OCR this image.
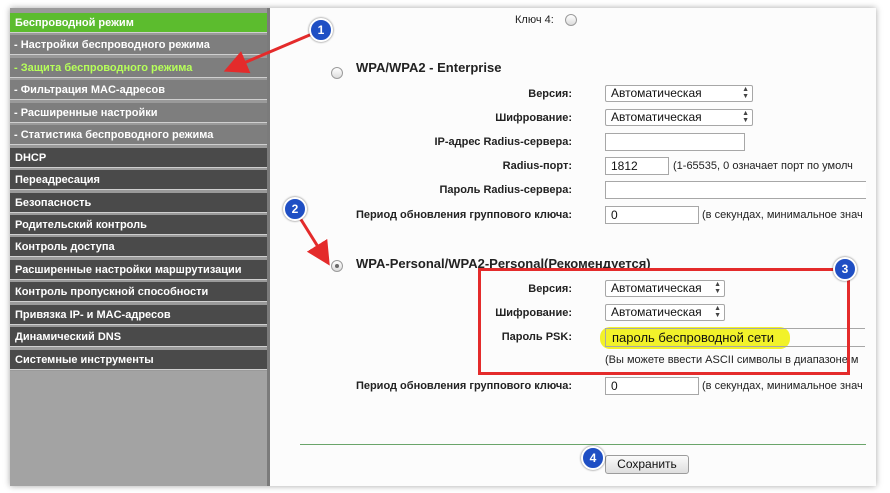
Беспроводной режим
- Настройки беспроводного режима
- Защита беспроводного режима
- Фильтрация MAC-адресов
- Расширенные настройки
- Статистика беспроводного режима
DHCP
Переадресация
Безопасность
Родительский контроль
Контроль доступа
Расширенные настройки маршрутизации
Контроль пропускной способности
Привязка IP- и MAC-адресов
Динамический DNS
Системные инструменты
Ключ 4:
WPA/WPA2 - Enterprise
Версия:	Автоматическая	▲
▼
Шифрование:	Автоматическая	▲
▼
IP-адрес Radius-сервера:
Radius-порт:	1812	(1-65535, 0 означает порт по умолч
Пароль Radius-сервера:
Период обновления группового ключа:	0	(в секундах, минимальное знач
WPA-Personal/WPA2-Personal(Рекомендуется)
Версия:	Автоматическая ▲
▼
Шифрование:	Автоматическая ▲
▼
Пароль PSK:	пароль беспроводной сети
(Вы можете ввести ASCII символы в диапазоне м
Период обновления группового ключа:	0	(в секундах, минимальное знач
Сохранить
1
2
3
4
